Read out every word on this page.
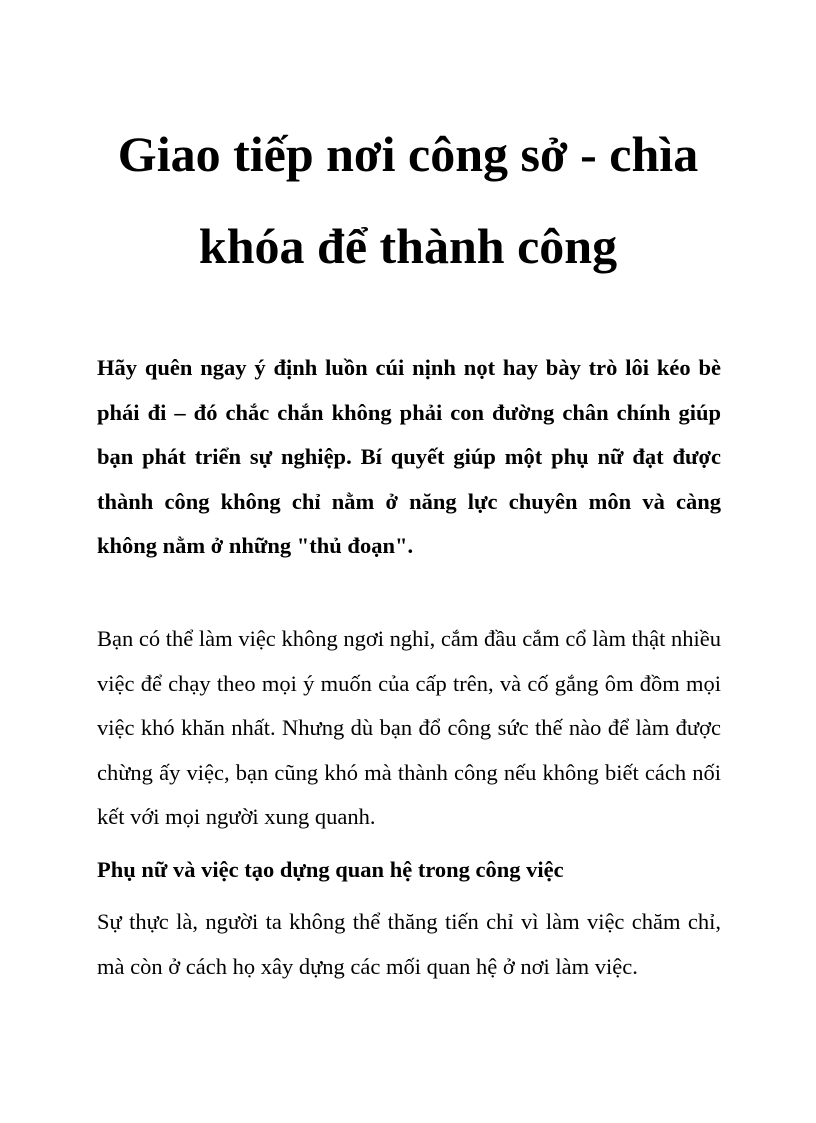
Giao tiếp nơi công sở - chìa
khóa để thành công

Hãy quên ngay ý định luồn cúi nịnh nọt hay bày trò lôi kéo bè phái đi – đó chắc chắn không phải con đường chân chính giúp bạn phát triển sự nghiệp. Bí quyết giúp một phụ nữ đạt được thành công không chỉ nằm ở năng lực chuyên môn và càng không nằm ở những "thủ đoạn".

Bạn có thể làm việc không ngơi nghỉ, cắm đầu cắm cổ làm thật nhiều việc để chạy theo mọi ý muốn của cấp trên, và cố gắng ôm đồm mọi việc khó khăn nhất. Nhưng dù bạn đổ công sức thế nào để làm được chừng ấy việc, bạn cũng khó mà thành công nếu không biết cách nối kết với mọi người xung quanh.

Phụ nữ và việc tạo dựng quan hệ trong công việc

Sự thực là, người ta không thể thăng tiến chỉ vì làm việc chăm chỉ, mà còn ở cách họ xây dựng các mối quan hệ ở nơi làm việc.
